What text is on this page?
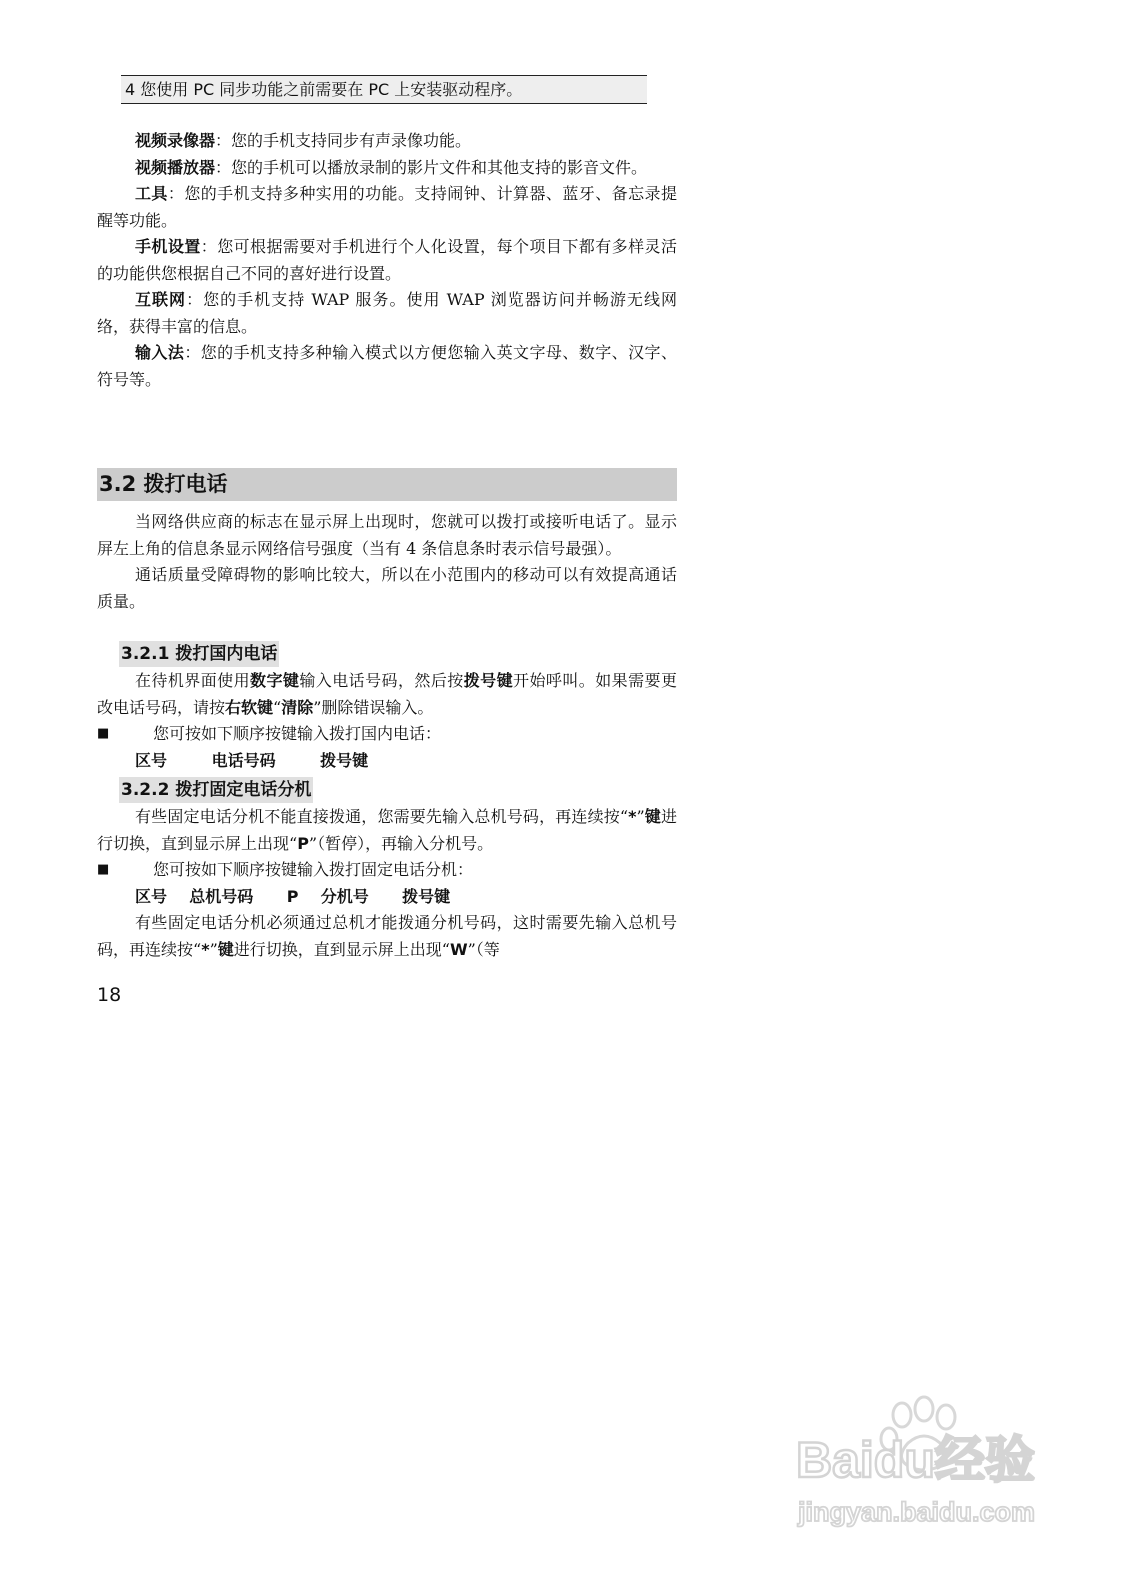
4 您使用 PC 同步功能之前需要在 PC 上安装驱动程序。

视频录像器：您的手机支持同步有声录像功能。

视频播放器：您的手机可以播放录制的影片文件和其他支持的影音文件。

工具：您的手机支持多种实用的功能。支持闹钟、计算器、蓝牙、备忘录提醒等功能。

手机设置：您可根据需要对手机进行个人化设置，每个项目下都有多样灵活的功能供您根据自己不同的喜好进行设置。

互联网：您的手机支持 WAP 服务。使用 WAP 浏览器访问并畅游无线网络，获得丰富的信息。

输入法：您的手机支持多种输入模式以方便您输入英文字母、数字、汉字、符号等。

3.2 拨打电话

当网络供应商的标志在显示屏上出现时，您就可以拨打或接听电话了。显示屏左上角的信息条显示网络信号强度（当有 4 条信息条时表示信号最强）。

通话质量受障碍物的影响比较大，所以在小范围内的移动可以有效提高通话质量。

3.2.1 拨打国内电话

在待机界面使用数字键输入电话号码，然后按拨号键开始呼叫。如果需要更改电话号码，请按右软键“清除”删除错误输入。

■	您可按如下顺序按键输入拨打国内电话：
区号        电话号码        拨号键
3.2.2 拨打固定电话分机

有些固定电话分机不能直接拨通，您需要先输入总机号码，再连续按“*”键进行切换，直到显示屏上出现“P”（暂停），再输入分机号。

■	您可按如下顺序按键输入拨打固定电话分机：
区号    总机号码      P    分机号      拨号键

有些固定电话分机必须通过总机才能拨通分机号码，这时需要先输入总机号码，再连续按“*”键进行切换，直到显示屏上出现“W”（等

18
Baidu经验
jingyan.baidu.com
